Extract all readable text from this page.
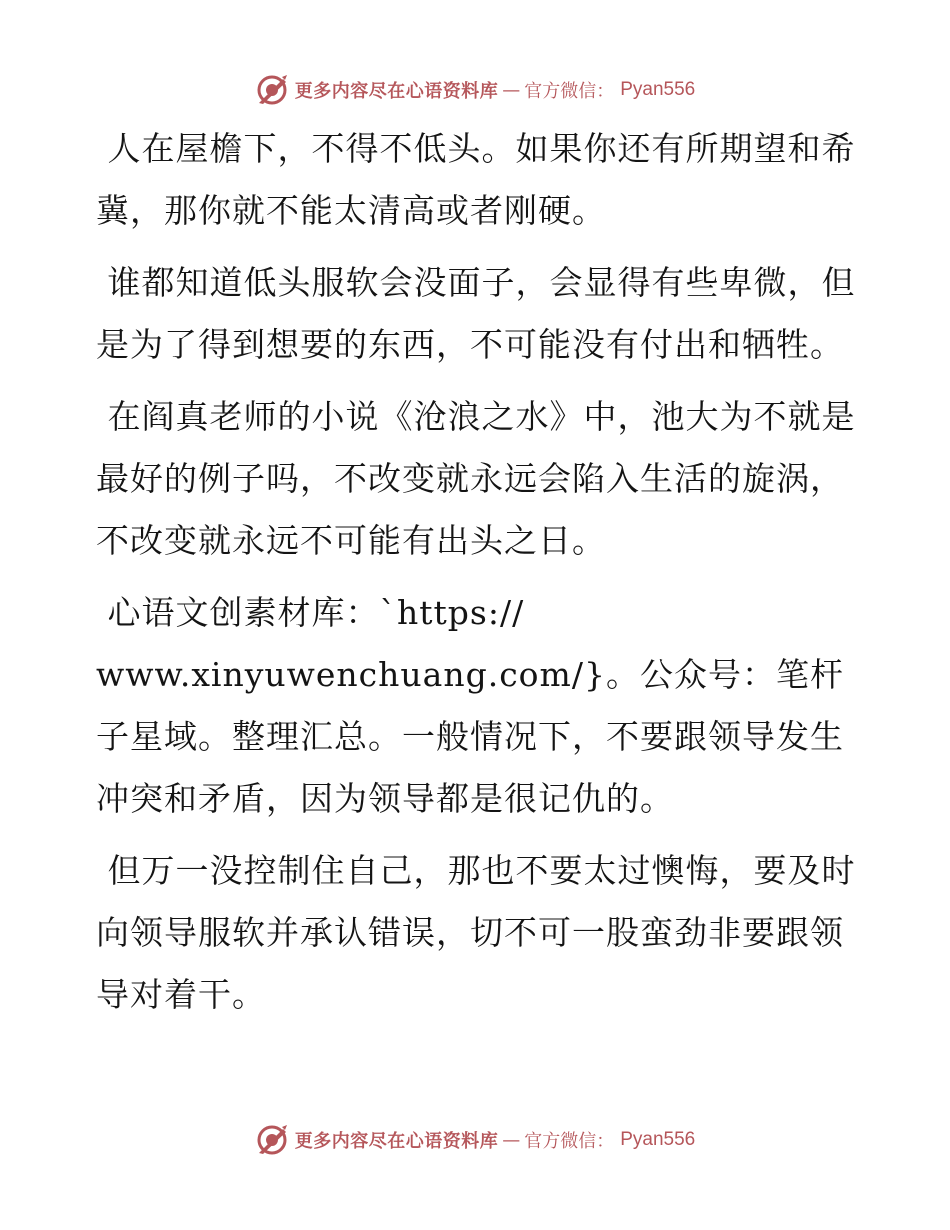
更多内容尽在心语资料库 — 官方微信： Pyan556

人在屋檐下，不得不低头。如果你还有所期望和希冀，那你就不能太清高或者刚硬。

谁都知道低头服软会没面子，会显得有些卑微，但是为了得到想要的东西，不可能没有付出和牺牲。

在阎真老师的小说《沧浪之水》中，池大为不就是最好的例子吗，不改变就永远会陷入生活的旋涡，不改变就永远不可能有出头之日。

心语文创素材库：`https://
www.xinyuwenchuang.com/}。公众号：笔杆子星域。整理汇总。一般情况下，不要跟领导发生冲突和矛盾，因为领导都是很记仇的。

但万一没控制住自己，那也不要太过懊悔，要及时向领导服软并承认错误，切不可一股蛮劲非要跟领导对着干。

更多内容尽在心语资料库 — 官方微信： Pyan556
